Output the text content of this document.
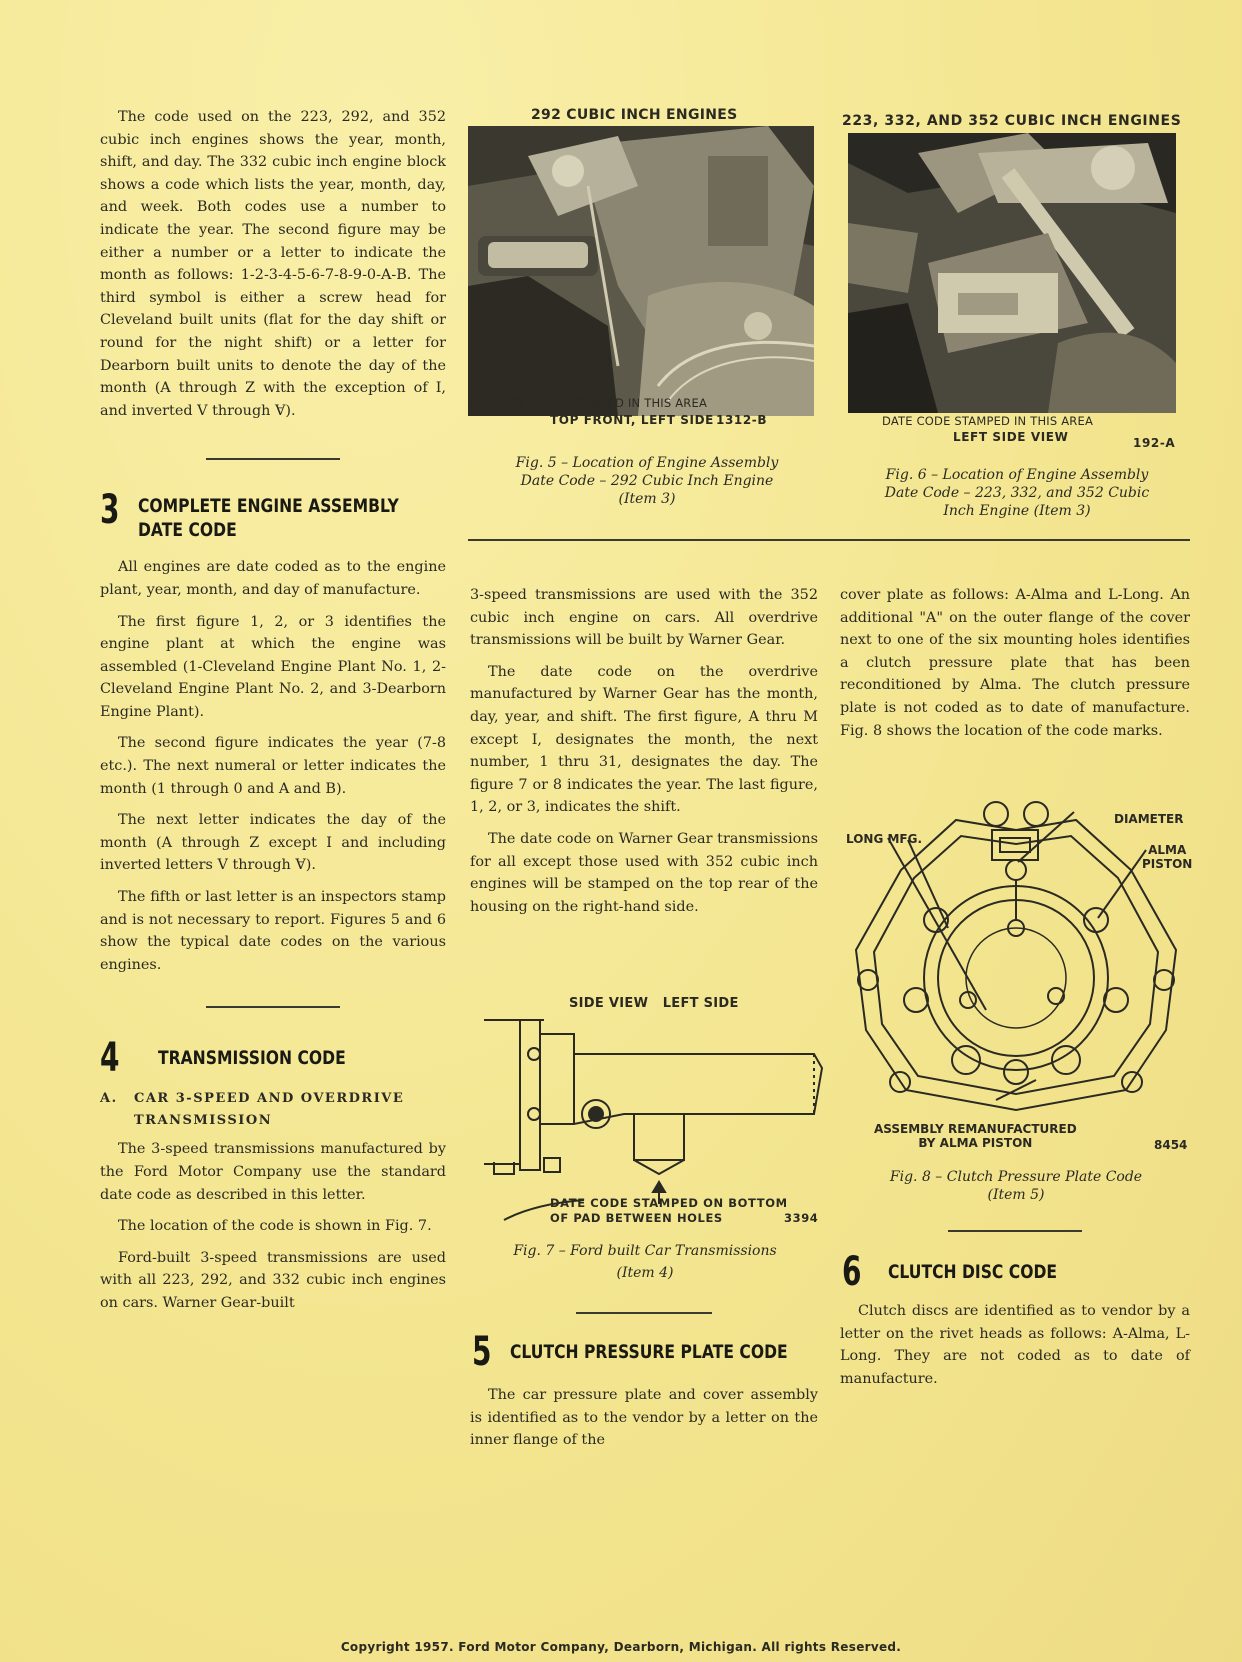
The code used on the 223, 292, and 352 cubic inch engines shows the year, month, shift, and day. The 332 cubic inch engine block shows a code which lists the year, month, day, and week. Both codes use a number to indicate the year. The second figure may be either a number or a letter to indicate the month as follows: 1-2-3-4-5-6-7-8-9-0-A-B. The third symbol is either a screw head for Cleveland built units (flat for the day shift or round for the night shift) or a letter for Dearborn built units to denote the day of the month (A through Z with the exception of I, and inverted V through Ɐ).

3 COMPLETE ENGINE ASSEMBLY
DATE CODE

All engines are date coded as to the engine plant, year, month, and day of manufacture.

The first figure 1, 2, or 3 identifies the engine plant at which the engine was assembled (1-Cleveland Engine Plant No. 1, 2-Cleveland Engine Plant No. 2, and 3-Dearborn Engine Plant).

The second figure indicates the year (7-8 etc.). The next numeral or letter indicates the month (1 through 0 and A and B).

The next letter indicates the day of the month (A through Z except I and including inverted letters V through Ɐ).

The fifth or last letter is an inspectors stamp and is not necessary to report. Figures 5 and 6 show the typical date codes on the various engines.

4 TRANSMISSION CODE
A. CAR 3-SPEED AND OVERDRIVE
TRANSMISSION

The 3-speed transmissions manufactured by the Ford Motor Company use the standard date code as described in this letter.

The location of the code is shown in Fig. 7.

Ford-built 3-speed transmissions are used with all 223, 292, and 332 cubic inch engines on cars. Warner Gear-built

292 CUBIC INCH ENGINES
DATE CODE STAMPED IN THIS AREA
TOP FRONT, LEFT SIDE 1312-B
Fig. 5 – Location of Engine Assembly
Date Code – 292 Cubic Inch Engine
(Item 3)
223, 332, AND 352 CUBIC INCH ENGINES
DATE CODE STAMPED IN THIS AREA
LEFT SIDE VIEW	192-A
Fig. 6 – Location of Engine Assembly
Date Code – 223, 332, and 352 Cubic
Inch Engine (Item 3)

3-speed transmissions are used with the 352 cubic inch engine on cars. All overdrive transmissions will be built by Warner Gear.

The date code on the overdrive manufactured by Warner Gear has the month, day, year, and shift. The first figure, A thru M except I, designates the month, the next number, 1 thru 31, designates the day. The figure 7 or 8 indicates the year. The last figure, 1, 2, or 3, indicates the shift.

The date code on Warner Gear transmissions for all except those used with 352 cubic inch engines will be stamped on the top rear of the housing on the right-hand side.

SIDE VIEW   LEFT SIDE
DATE CODE STAMPED ON BOTTOM
OF PAD BETWEEN HOLES	3394
Fig. 7 – Ford built Car Transmissions
(Item 4)
5 CLUTCH PRESSURE PLATE CODE

The car pressure plate and cover assembly is identified as to the vendor by a letter on the inner flange of the

cover plate as follows: A-Alma and L-Long. An additional "A" on the outer flange of the cover next to one of the six mounting holes identifies a clutch pressure plate that has been reconditioned by Alma. The clutch pressure plate is not coded as to date of manufacture. Fig. 8 shows the location of the code marks.

LONG MFG.
DIAMETER
ALMA
PISTON
ASSEMBLY REMANUFACTURED
BY ALMA PISTON	8454
Fig. 8 – Clutch Pressure Plate Code
(Item 5)
6 CLUTCH DISC CODE

Clutch discs are identified as to vendor by a letter on the rivet heads as follows: A-Alma, L-Long. They are not coded as to date of manufacture.

Copyright 1957. Ford Motor Company, Dearborn, Michigan. All rights Reserved.
